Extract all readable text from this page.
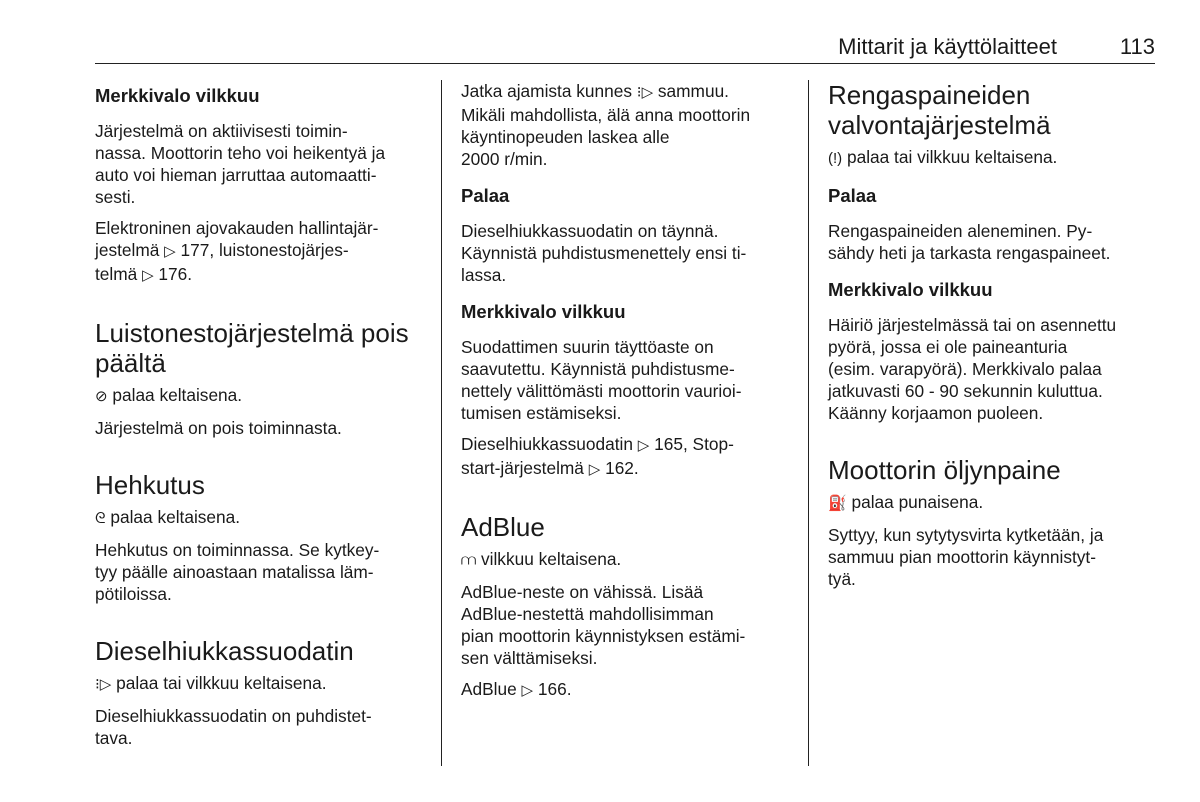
Mittarit ja käyttölaitteet	113
Merkkivalo vilkkuu

Järjestelmä on aktiivisesti toimin-

nassa. Moottorin teho voi heikentyä ja

auto voi hieman jarruttaa automaatti-

sesti.

Elektroninen ajovakauden hallintajär-

jestelmä ▷ 177, luistonestojärjes-

telmä ▷ 176.

Luistonestojärjestelmä pois
päältä

⊘ palaa keltaisena.

Järjestelmä on pois toiminnasta.

Hehkutus

ᘓ palaa keltaisena.

Hehkutus on toiminnassa. Se kytkey-

tyy päälle ainoastaan matalissa läm-

pötiloissa.

Dieselhiukkassuodatin

⁝▷ palaa tai vilkkuu keltaisena.

Dieselhiukkassuodatin on puhdistet-

tava.

Jatka ajamista kunnes ⁝▷ sammuu.

Mikäli mahdollista, älä anna moottorin

käyntinopeuden laskea alle

2000 r/min.

Palaa

Dieselhiukkassuodatin on täynnä.

Käynnistä puhdistusmenettely ensi ti-

lassa.

Merkkivalo vilkkuu

Suodattimen suurin täyttöaste on

saavutettu. Käynnistä puhdistusme-

nettely välittömästi moottorin vaurioi-

tumisen estämiseksi.

Dieselhiukkassuodatin ▷ 165, Stop-

start-järjestelmä ▷ 162.

AdBlue

⩋ vilkkuu keltaisena.

AdBlue-neste on vähissä. Lisää

AdBlue-nestettä mahdollisimman

pian moottorin käynnistyksen estämi-

sen välttämiseksi.

AdBlue ▷ 166.

Rengaspaineiden
valvontajärjestelmä

(!) palaa tai vilkkuu keltaisena.

Palaa

Rengaspaineiden aleneminen. Py-

sähdy heti ja tarkasta rengaspaineet.

Merkkivalo vilkkuu

Häiriö järjestelmässä tai on asennettu

pyörä, jossa ei ole paineanturia

(esim. varapyörä). Merkkivalo palaa

jatkuvasti 60 - 90 sekunnin kuluttua.

Käänny korjaamon puoleen.

Moottorin öljynpaine

⛽ palaa punaisena.

Syttyy, kun sytytysvirta kytketään, ja

sammuu pian moottorin käynnistyt-

tyä.
